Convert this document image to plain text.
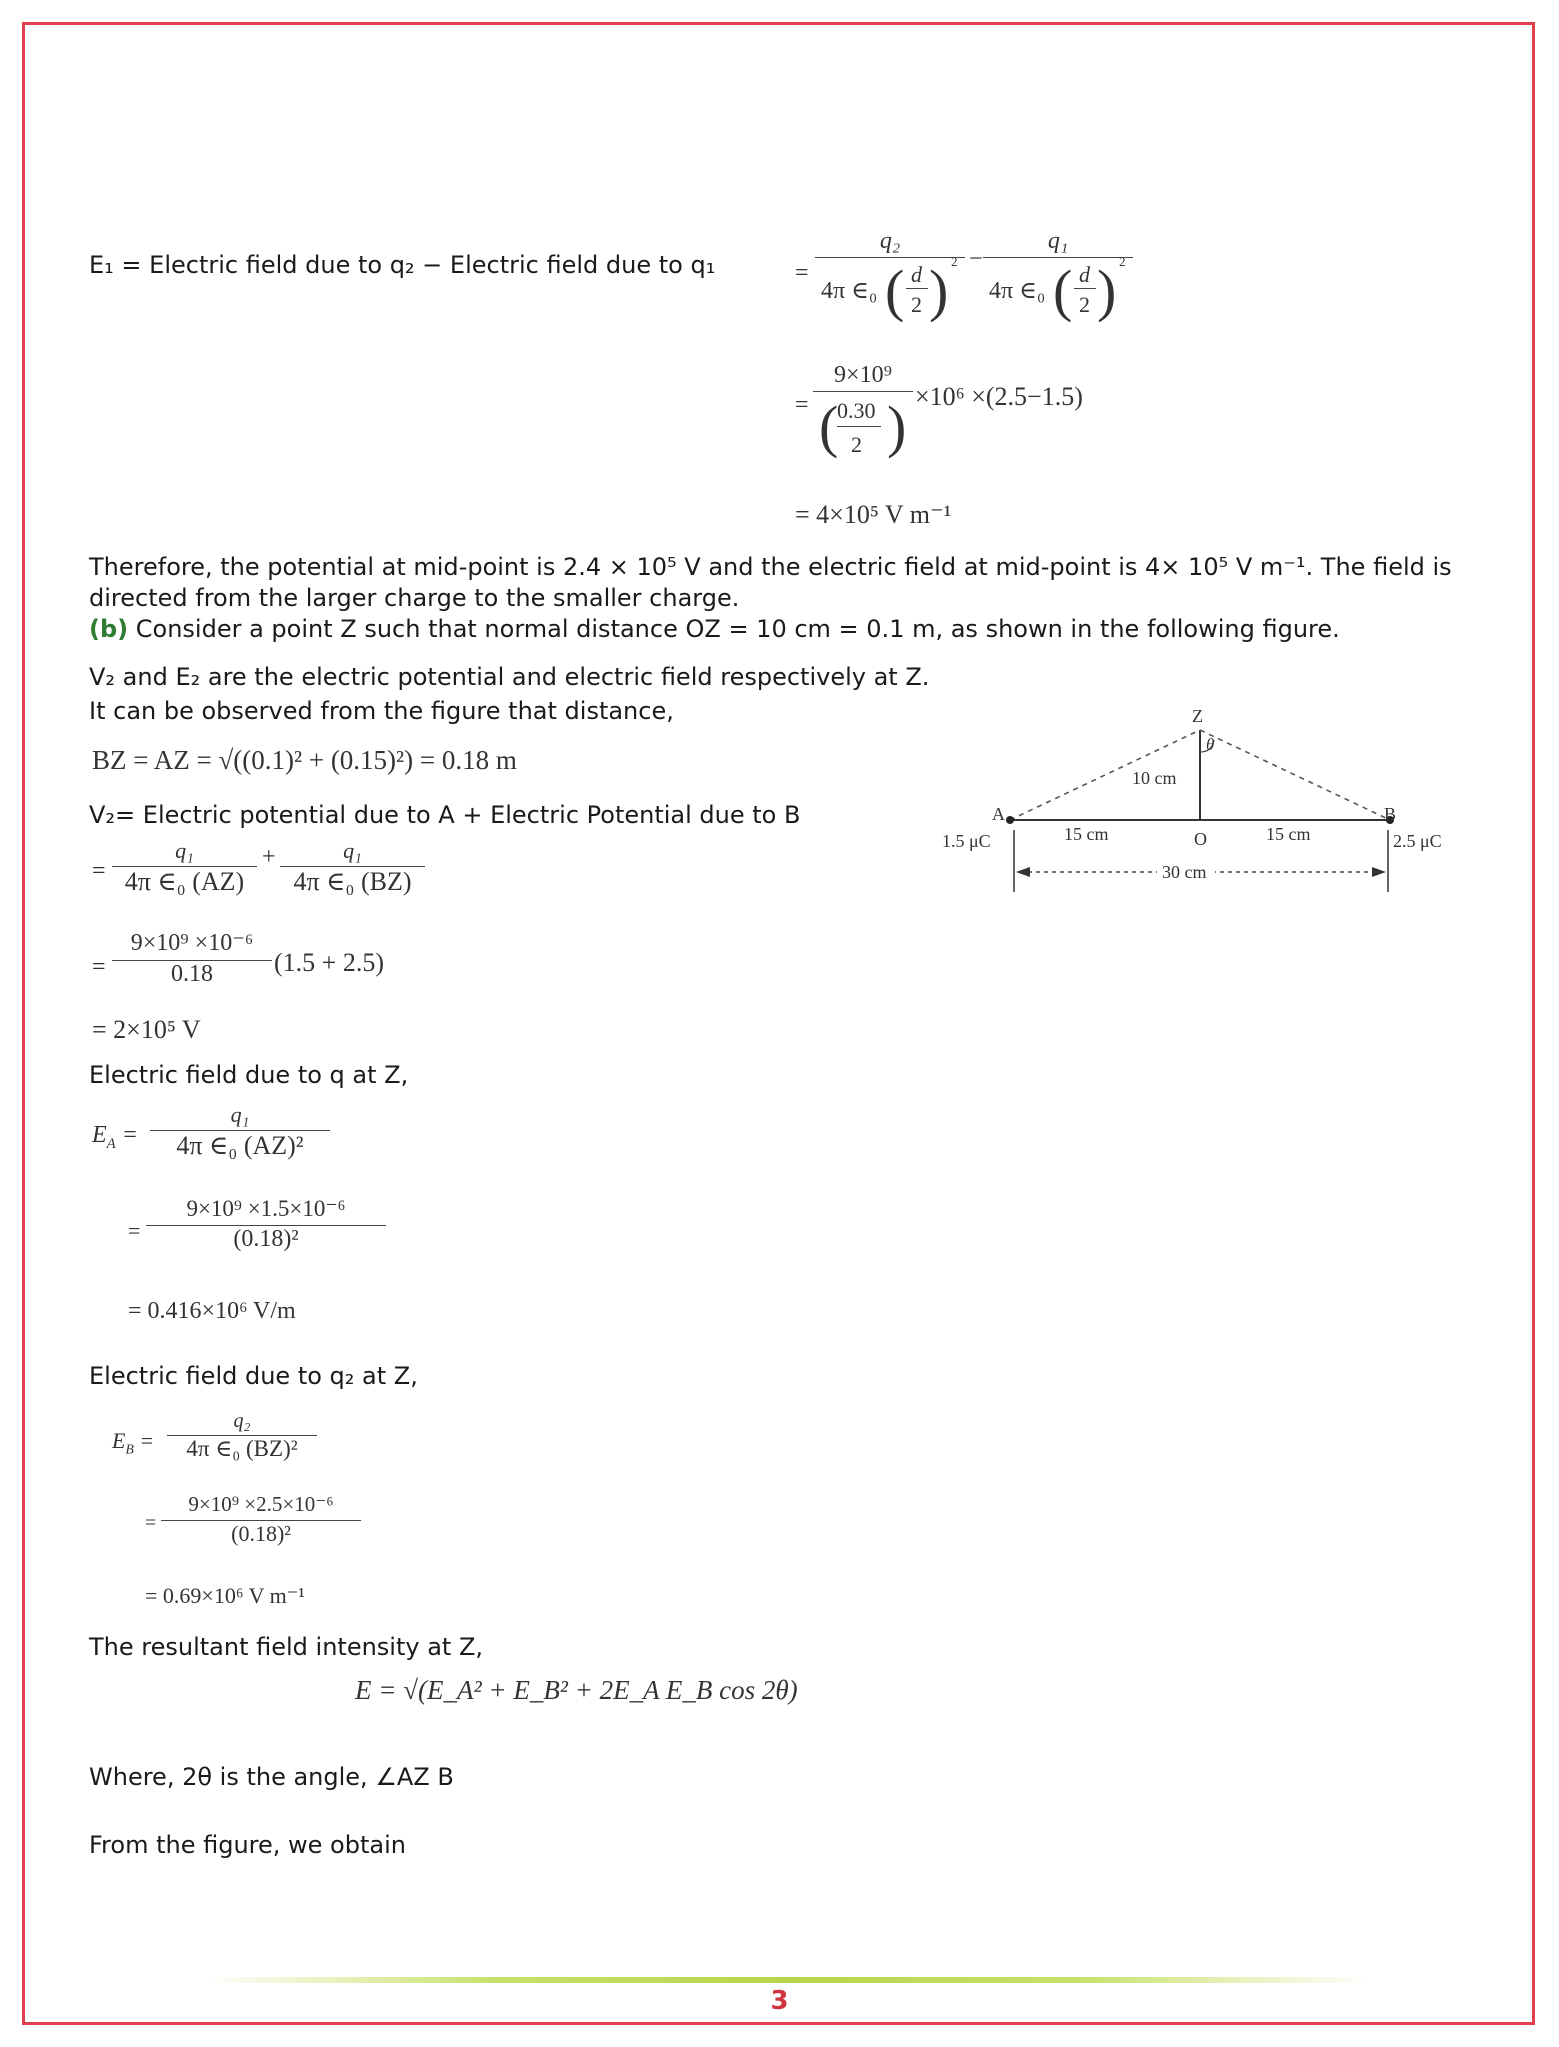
E₁ = Electric field due to q₂ − Electric field due to q₁	=
q₂
4π ∈₀ ( d
2 ) 2 −
q₁
4π ∈₀ ( d
2 ) 2
=
9×10⁹
(
0.30
2 ) ×10⁶ ×(2.5−1.5)
= 4×10⁵ V m⁻¹
Therefore, the potential at mid-point is 2.4 × 10⁵ V and the electric field at mid-point is 4× 10⁵ V m⁻¹. The field is directed from the larger charge to the smaller charge.
(b) Consider a point Z such that normal distance OZ = 10 cm = 0.1 m, as shown in the following figure.
V₂ and E₂ are the electric potential and electric field respectively at Z.
It can be observed from the figure that distance,
BZ = AZ = √((0.1)² + (0.15)²) = 0.18 m
V₂= Electric potential due to A + Electric Potential due to B
=
q₁
4π ∈₀ (AZ)
+	q₁
4π ∈₀ (BZ)
=
9×10⁹ ×10⁻⁶
0.18	(1.5 + 2.5)
= 2×10⁵ V
Electric field due to q at Z,
$E_A$ =
q₁
4π ∈₀ (AZ)²
=
9×10⁹ ×1.5×10⁻⁶
(0.18)²
= 0.416×10⁶ V/m
Electric field due to q₂ at Z,
$E_B$ =
q₂
4π ∈₀ (BZ)²
=
9×10⁹ ×2.5×10⁻⁶
(0.18)²
= 0.69×10⁶ V m⁻¹
The resultant field intensity at Z,
E = √(E_A² + E_B² + 2E_A E_B cos 2θ)
Where, 2θ is the angle, ∠AZ B
From the figure, we obtain
Z
θ
10 cm
A	B
O
15 cm	15 cm
1.5 μC	2.5 μC
30 cm
3
